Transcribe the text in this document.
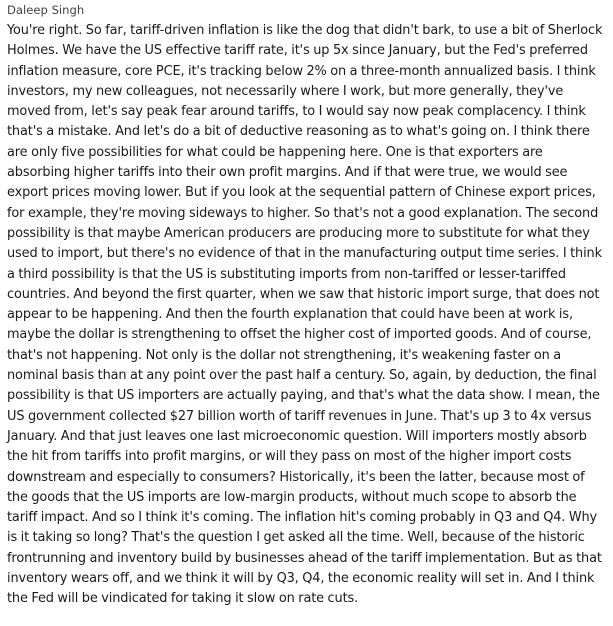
Daleep Singh

You're right. So far, tariff-driven inflation is like the dog that didn't bark, to use a bit of Sherlock Holmes. We have the US effective tariff rate, it's up 5x since January, but the Fed's preferred inflation measure, core PCE, it's tracking below 2% on a three-month annualized basis. I think investors, my new colleagues, not necessarily where I work, but more generally, they've moved from, let's say peak fear around tariffs, to I would say now peak complacency. I think that's a mistake. And let's do a bit of deductive reasoning as to what's going on. I think there are only five possibilities for what could be happening here. One is that exporters are absorbing higher tariffs into their own profit margins. And if that were true, we would see export prices moving lower. But if you look at the sequential pattern of Chinese export prices, for example, they're moving sideways to higher. So that's not a good explanation. The second possibility is that maybe American producers are producing more to substitute for what they used to import, but there's no evidence of that in the manufacturing output time series. I think a third possibility is that the US is substituting imports from non-tariffed or lesser-tariffed countries. And beyond the first quarter, when we saw that historic import surge, that does not appear to be happening. And then the fourth explanation that could have been at work is, maybe the dollar is strengthening to offset the higher cost of imported goods. And of course, that's not happening. Not only is the dollar not strengthening, it's weakening faster on a nominal basis than at any point over the past half a century. So, again, by deduction, the final possibility is that US importers are actually paying, and that's what the data show. I mean, the US government collected $27 billion worth of tariff revenues in June. That's up 3 to 4x versus January. And that just leaves one last microeconomic question. Will importers mostly absorb the hit from tariffs into profit margins, or will they pass on most of the higher import costs downstream and especially to consumers? Historically, it's been the latter, because most of the goods that the US imports are low-margin products, without much scope to absorb the tariff impact. And so I think it's coming. The inflation hit's coming probably in Q3 and Q4. Why is it taking so long? That's the question I get asked all the time. Well, because of the historic frontrunning and inventory build by businesses ahead of the tariff implementation. But as that inventory wears off, and we think it will by Q3, Q4, the economic reality will set in. And I think the Fed will be vindicated for taking it slow on rate cuts.
